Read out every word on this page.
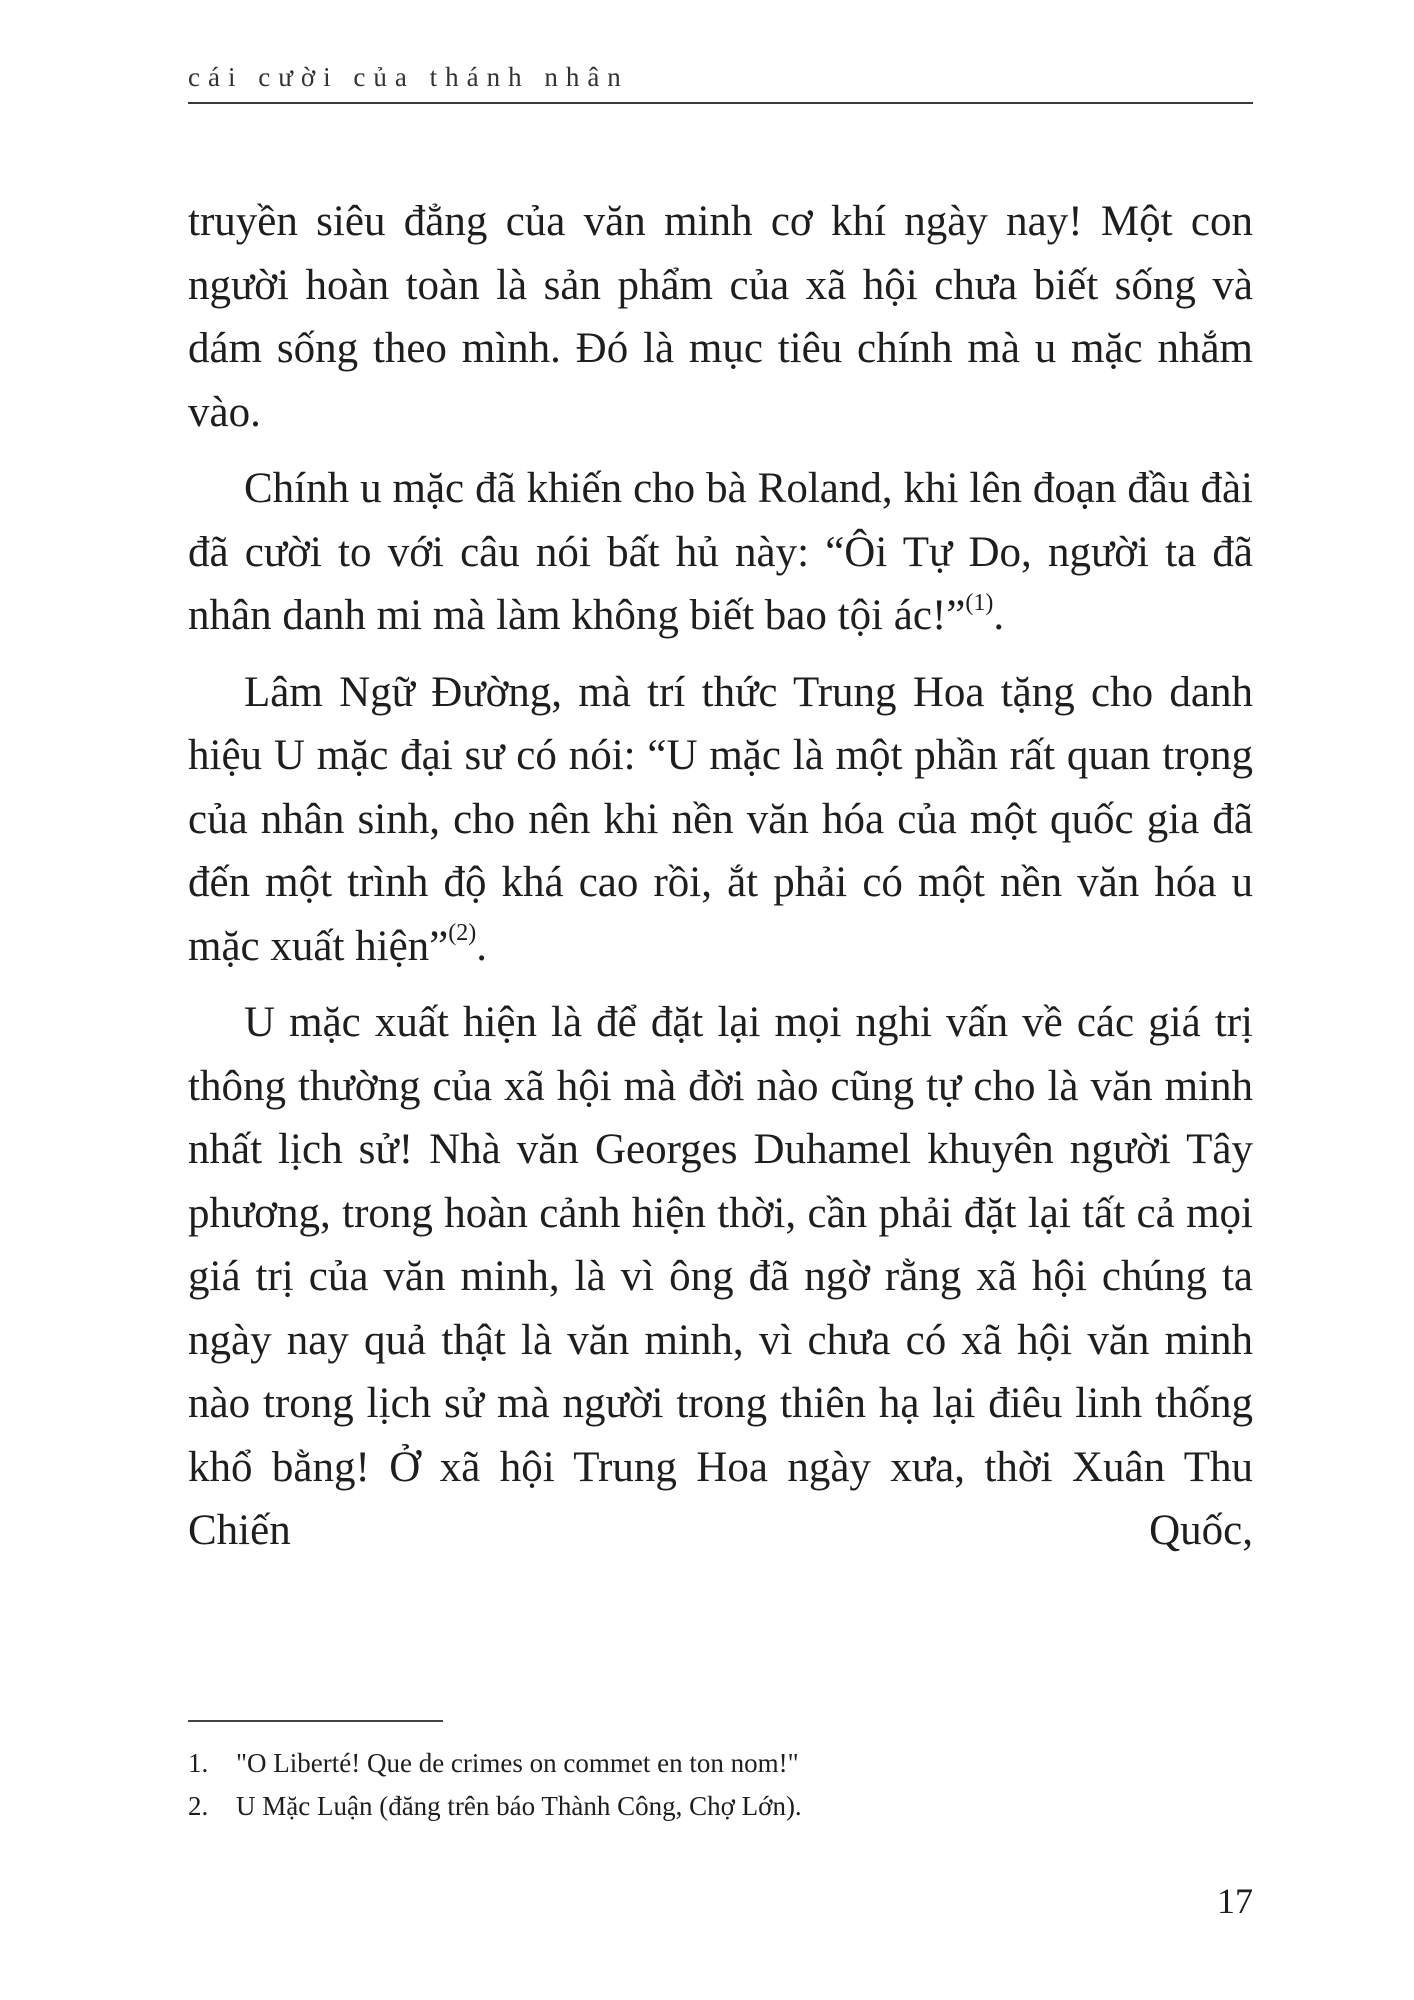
cái cười của thánh nhân

truyền siêu đẳng của văn minh cơ khí ngày nay! Một con người hoàn toàn là sản phẩm của xã hội chưa biết sống và dám sống theo mình. Đó là mục tiêu chính mà u mặc nhắm vào.

Chính u mặc đã khiến cho bà Roland, khi lên đoạn đầu đài đã cười to với câu nói bất hủ này: “Ôi Tự Do, người ta đã nhân danh mi mà làm không biết bao tội ác!”$^{(1)}$.

Lâm Ngữ Đường, mà trí thức Trung Hoa tặng cho danh hiệu U mặc đại sư có nói: “U mặc là một phần rất quan trọng của nhân sinh, cho nên khi nền văn hóa của một quốc gia đã đến một trình độ khá cao rồi, ắt phải có một nền văn hóa u mặc xuất hiện”$^{(2)}$.

U mặc xuất hiện là để đặt lại mọi nghi vấn về các giá trị thông thường của xã hội mà đời nào cũng tự cho là văn minh nhất lịch sử! Nhà văn Georges Duhamel khuyên người Tây phương, trong hoàn cảnh hiện thời, cần phải đặt lại tất cả mọi giá trị của văn minh, là vì ông đã ngờ rằng xã hội chúng ta ngày nay quả thật là văn minh, vì chưa có xã hội văn minh nào trong lịch sử mà người trong thiên hạ lại điêu linh thống khổ bằng! Ở xã hội Trung Hoa ngày xưa, thời Xuân Thu Chiến Quốc,

1.	"O Liberté! Que de crimes on commet en ton nom!"
2.	U Mặc Luận (đăng trên báo Thành Công, Chợ Lớn).
17
